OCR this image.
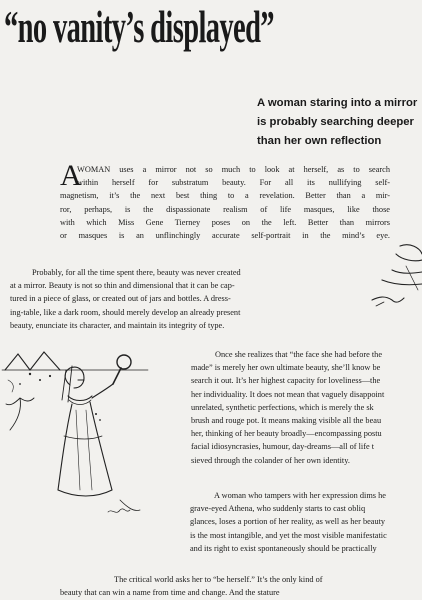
“no vanity’s displayed”
A woman staring into a mirror
is probably searching deeper
than her own reflection
A
WOMAN uses a mirror not so much to look at herself, as to search
within herself for substratum beauty. For all its nullifying self-
magnetism, it’s the next best thing to a revelation. Better than a mir-
ror, perhaps, is the dispassionate realism of life masques, like those
with which Miss Gene Tierney poses on the left. Better than mirrors
or masques is an unflinchingly accurate self-portrait in the mind’s eye.
Probably, for all the time spent there, beauty was never created
at a mirror. Beauty is not so thin and dimensional that it can be cap-
tured in a piece of glass, or created out of jars and bottles. A dress-
ing-table, like a dark room, should merely develop an already present
beauty, enunciate its character, and maintain its integrity of type.
Once she realizes that “the face she had before the
made” is merely her own ultimate beauty, she’ll know be
search it out. It’s her highest capacity for loveliness—the
her individuality. It does not mean that vaguely disappoint
unrelated, synthetic perfections, which is merely the sk
brush and rouge pot. It means making visible all the beau
her, thinking of her beauty broadly—encompassing postu
facial idiosyncrasies, humour, day-dreams—all of life t
sieved through the colander of her own identity.
A woman who tampers with her expression dims he
grave-eyed Athena, who suddenly starts to cast obliq
glances, loses a portion of her reality, as well as her beauty
is the most intangible, and yet the most visible manifestatic
and its right to exist spontaneously should be practically
The critical world asks her to “be herself.” It’s the only kind of
beauty that can win a name from time and change. And the stature
